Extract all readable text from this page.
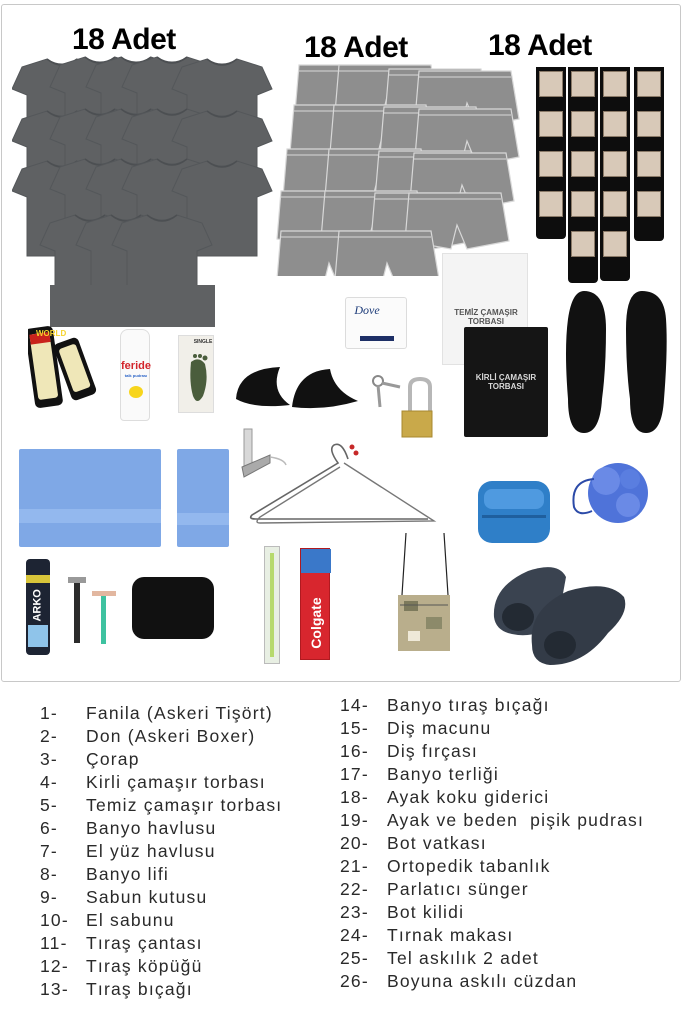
18 Adet	18 Adet	18 Adet
WORLD
feride
talk pudrası
SINGLE
Dove	TEMİZ ÇAMAŞIR TORBASI
KİRLİ ÇAMAŞIR TORBASI
ARKO	Colgate
1-	Fanila (Askeri Tişört)
2-	Don (Askeri Boxer)
3-	Çorap
4-	Kirli çamaşır torbası
5-	Temiz çamaşır torbası
6-	Banyo havlusu
7-	El yüz havlusu
8-	Banyo lifi
9-	Sabun kutusu
10- El sabunu
11-	Tıraş çantası
12- Tıraş köpüğü
13- Tıraş bıçağı
14-	Banyo tıraş bıçağı
15-	Diş macunu
16-	Diş fırçası
17-	Banyo terliği
18-	Ayak koku giderici
19-	Ayak ve beden  pişik pudrası
20-	Bot vatkası
21-	Ortopedik tabanlık
22-	Parlatıcı sünger
23-	Bot kilidi
24-	Tırnak makası
25-	Tel askılık 2 adet
26-	Boyuna askılı cüzdan
